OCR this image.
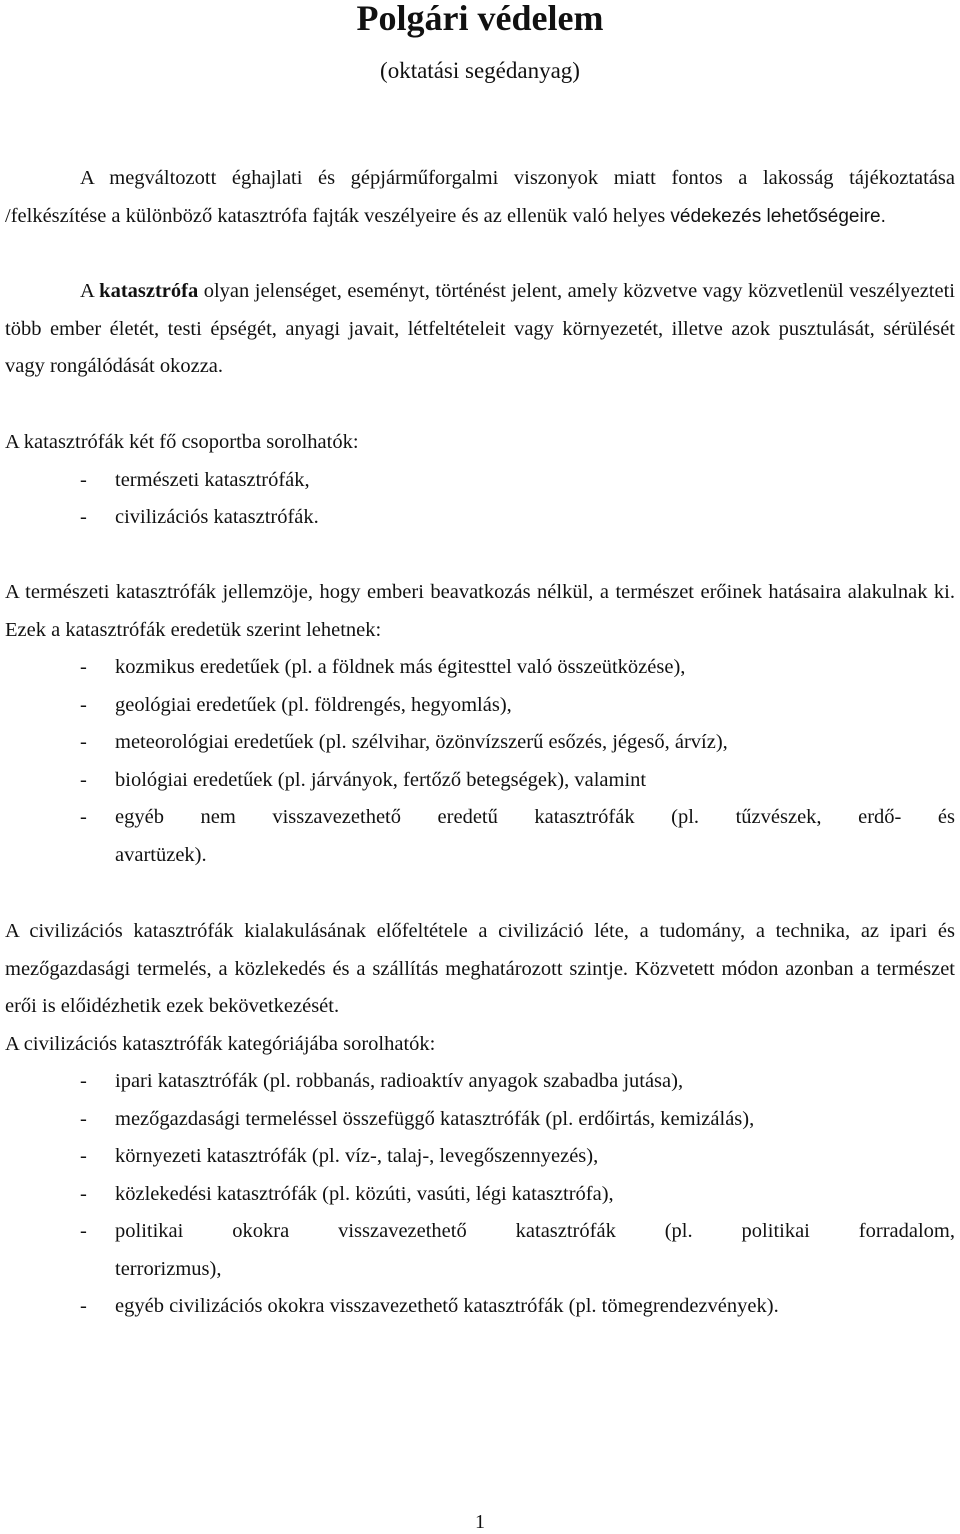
Polgári védelem

(oktatási segédanyag)

A megváltozott éghajlati és gépjárműforgalmi viszonyok miatt fontos a lakosság tájékoztatása /felkészítése a különböző katasztrófa fajták veszélyeire és az ellenük való helyes védekezés lehetőségeire.

A katasztrófa olyan jelenséget, eseményt, történést jelent, amely közvetve vagy közvetlenül veszélyezteti több ember életét, testi épségét, anyagi javait, létfeltételeit vagy környezetét, illetve azok pusztulását, sérülését vagy rongálódását okozza.

A katasztrófák két fő csoportba sorolhatók:
- természeti katasztrófák,
- civilizációs katasztrófák.

A természeti katasztrófák jellemzöje, hogy emberi beavatkozás nélkül, a természet erőinek hatásaira alakulnak ki. Ezek a katasztrófák eredetük szerint lehetnek:

- kozmikus eredetűek (pl. a földnek más égitesttel való összeütközése),
- geológiai eredetűek (pl. földrengés, hegyomlás),
- meteorológiai eredetűek (pl. szélvihar, özönvízszerű esőzés, jégeső, árvíz),
- biológiai eredetűek (pl. járványok, fertőző betegségek), valamint
- egyéb nem visszavezethető eredetű katasztrófák (pl. tűzvészek, erdő- és
avartüzek).

A civilizációs katasztrófák kialakulásának előfeltétele a civilizáció léte, a tudomány, a technika, az ipari és mezőgazdasági termelés, a közlekedés és a szállítás meghatározott szintje. Közvetett módon azonban a természet erői is előidézhetik ezek bekövetkezését.

A civilizációs katasztrófák kategóriájába sorolhatók:
- ipari katasztrófák (pl. robbanás, radioaktív anyagok szabadba jutása),
- mezőgazdasági termeléssel összefüggő katasztrófák (pl. erdőirtás, kemizálás),
- környezeti katasztrófák (pl. víz-, talaj-, levegőszennyezés),
- közlekedési katasztrófák (pl. közúti, vasúti, légi katasztrófa),
- politikai okokra visszavezethető katasztrófák (pl. politikai forradalom,
terrorizmus),
- egyéb civilizációs okokra visszavezethető katasztrófák (pl. tömegrendezvények).
1
